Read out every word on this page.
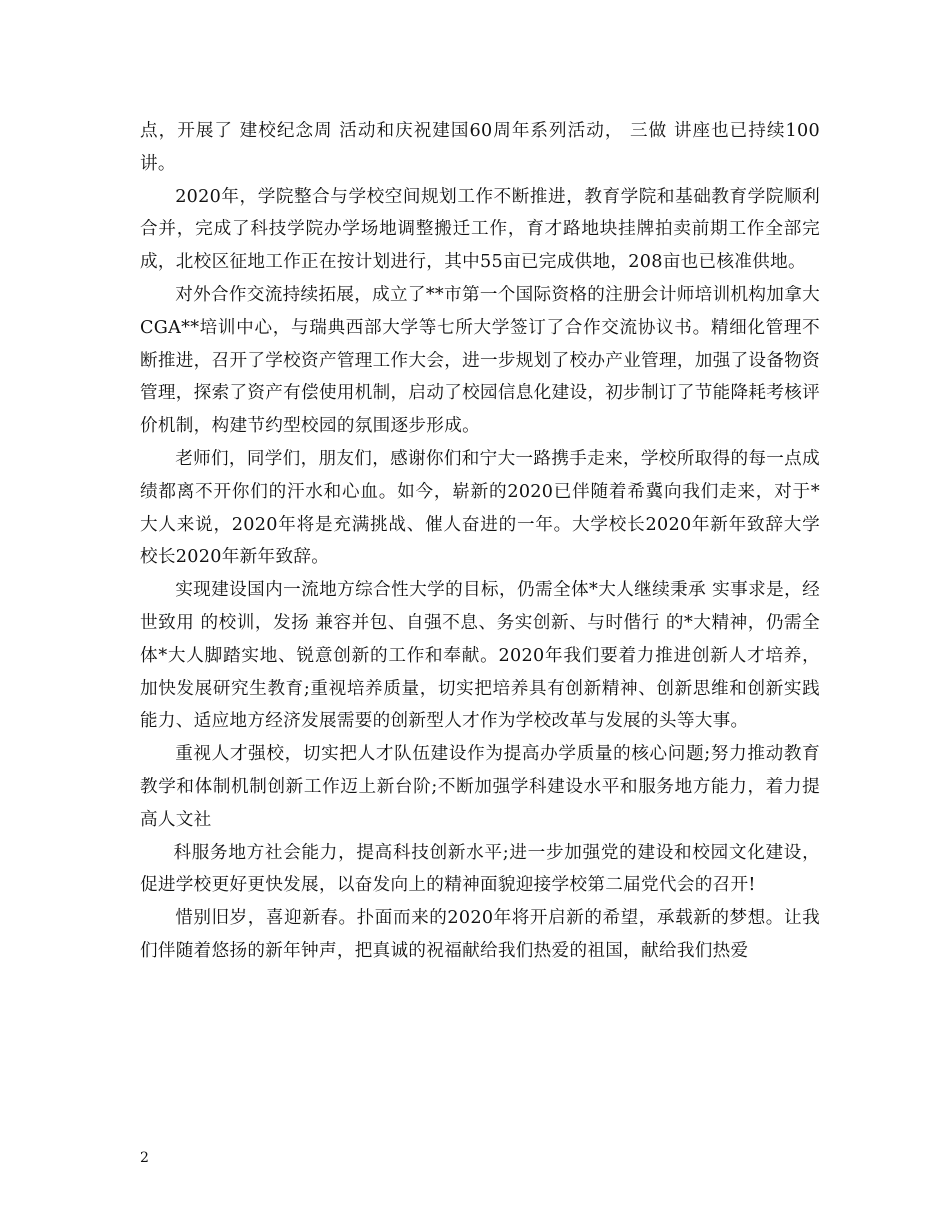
点，开展了 建校纪念周 活动和庆祝建国60周年系列活动， 三做 讲座也已持续100讲。

2020年，学院整合与学校空间规划工作不断推进，教育学院和基础教育学院顺利合并，完成了科技学院办学场地调整搬迁工作，育才路地块挂牌拍卖前期工作全部完成，北校区征地工作正在按计划进行，其中55亩已完成供地，208亩也已核准供地。

对外合作交流持续拓展，成立了**市第一个国际资格的注册会计师培训机构加拿大CGA**培训中心，与瑞典西部大学等七所大学签订了合作交流协议书。精细化管理不断推进，召开了学校资产管理工作大会，进一步规划了校办产业管理，加强了设备物资管理，探索了资产有偿使用机制，启动了校园信息化建设，初步制订了节能降耗考核评价机制，构建节约型校园的氛围逐步形成。

老师们，同学们，朋友们，感谢你们和宁大一路携手走来，学校所取得的每一点成绩都离不开你们的汗水和心血。如今，崭新的2020已伴随着希冀向我们走来，对于*大人来说，2020年将是充满挑战、催人奋进的一年。大学校长2020年新年致辞大学校长2020年新年致辞。

实现建设国内一流地方综合性大学的目标，仍需全体*大人继续秉承 实事求是，经世致用 的校训，发扬 兼容并包、自强不息、务实创新、与时偕行 的*大精神，仍需全体*大人脚踏实地、锐意创新的工作和奉献。2020年我们要着力推进创新人才培养，加快发展研究生教育;重视培养质量，切实把培养具有创新精神、创新思维和创新实践能力、适应地方经济发展需要的创新型人才作为学校改革与发展的头等大事。

重视人才强校，切实把人才队伍建设作为提高办学质量的核心问题;努力推动教育教学和体制机制创新工作迈上新台阶;不断加强学科建设水平和服务地方能力，着力提高人文社

科服务地方社会能力，提高科技创新水平;进一步加强党的建设和校园文化建设，促进学校更好更快发展，以奋发向上的精神面貌迎接学校第二届党代会的召开!

惜别旧岁，喜迎新春。扑面而来的2020年将开启新的希望，承载新的梦想。让我们伴随着悠扬的新年钟声，把真诚的祝福献给我们热爱的祖国，献给我们热爱

2
